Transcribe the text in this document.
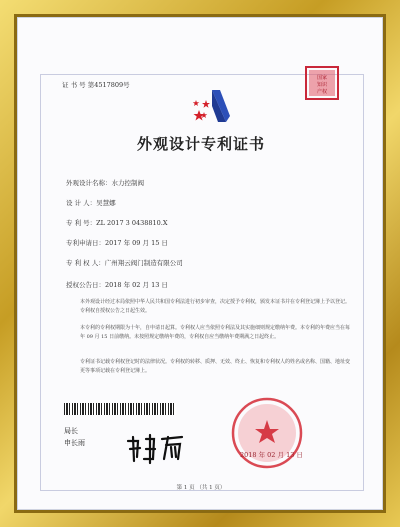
证 书 号 第4517809号
国家
知识
产权
外观设计专利证书
外观设计名称：水力控制阀
设 计 人：吴慧娜
专 利 号：ZL 2017 3 0438810.X
专利申请日：2017 年 09 月 15 日
专 利 权 人：广州翔云阀门制造有限公司
授权公告日：2018 年 02 月 13 日
本外观设计经过本局依照中华人民共和国专利法进行初步审查，决定授予专利权，颁发本证书并在专利登记簿上予以登记。专利权自授权公告之日起生效。
本专利的专利权期限为十年，自申请日起算。专利权人应当依照专利法及其实施细则规定缴纳年费。本专利的年费应当在每年 09 月 15 日前缴纳。未按照规定缴纳年费的，专利权自应当缴纳年费期满之日起终止。
专利证书记载专利权登记时的法律状况。专利权的转移、质押、无效、终止、恢复和专利权人的姓名或名称、国籍、地址变更等事项记载在专利登记簿上。
局长
申长雨
2018 年 02 月 13 日
第 1 页 （共 1 页）
